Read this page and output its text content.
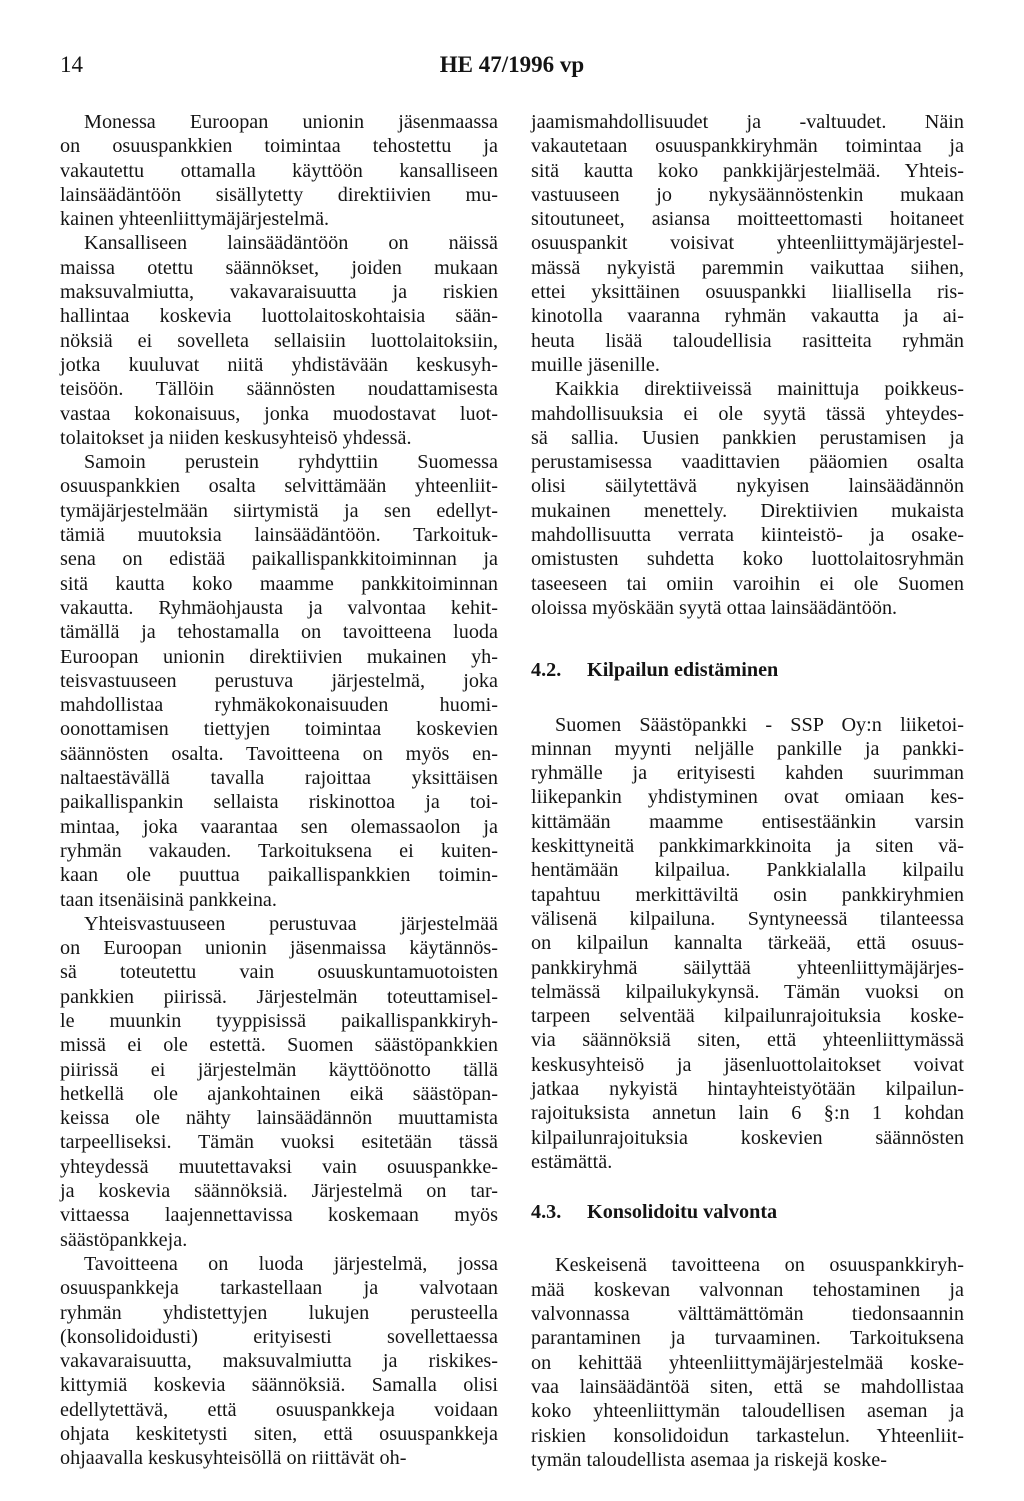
14	HE 47/1996 vp
Monessa Euroopan unionin jäsenmaassa
on osuuspankkien toimintaa tehostettu ja
vakautettu ottamalla käyttöön kansalliseen
lainsäädäntöön sisällytetty direktiivien mu-
kainen yhteenliittymäjärjestelmä.
Kansalliseen lainsäädäntöön on näissä
maissa otettu säännökset, joiden mukaan
maksuvalmiutta, vakavaraisuutta ja riskien
hallintaa koskevia luottolaitoskohtaisia sään-
nöksiä ei sovelleta sellaisiin luottolaitoksiin,
jotka kuuluvat niitä yhdistävään keskusyh-
teisöön. Tällöin säännösten noudattamisesta
vastaa kokonaisuus, jonka muodostavat luot-
tolaitokset ja niiden keskusyhteisö yhdessä.
Samoin perustein ryhdyttiin Suomessa
osuuspankkien osalta selvittämään yhteenliit-
tymäjärjestelmään siirtymistä ja sen edellyt-
tämiä muutoksia lainsäädäntöön. Tarkoituk-
sena on edistää paikallispankkitoiminnan ja
sitä kautta koko maamme pankkitoiminnan
vakautta. Ryhmäohjausta ja valvontaa kehit-
tämällä ja tehostamalla on tavoitteena luoda
Euroopan unionin direktiivien mukainen yh-
teisvastuuseen perustuva järjestelmä, joka
mahdollistaa ryhmäkokonaisuuden huomi-
oonottamisen tiettyjen toimintaa koskevien
säännösten osalta. Tavoitteena on myös en-
naltaestävällä tavalla rajoittaa yksittäisen
paikallispankin sellaista riskinottoa ja toi-
mintaa, joka vaarantaa sen olemassaolon ja
ryhmän vakauden. Tarkoituksena ei kuiten-
kaan ole puuttua paikallispankkien toimin-
taan itsenäisinä pankkeina.
Yhteisvastuuseen perustuvaa järjestelmää
on Euroopan unionin jäsenmaissa käytännös-
sä toteutettu vain osuuskuntamuotoisten
pankkien piirissä. Järjestelmän toteuttamisel-
le muunkin tyyppisissä paikallispankkiryh-
missä ei ole estettä. Suomen säästöpankkien
piirissä ei järjestelmän käyttöönotto tällä
hetkellä ole ajankohtainen eikä säästöpan-
keissa ole nähty lainsäädännön muuttamista
tarpeelliseksi. Tämän vuoksi esitetään tässä
yhteydessä muutettavaksi vain osuuspankke-
ja koskevia säännöksiä. Järjestelmä on tar-
vittaessa laajennettavissa koskemaan myös
säästöpankkeja.
Tavoitteena on luoda järjestelmä, jossa
osuuspankkeja tarkastellaan ja valvotaan
ryhmän yhdistettyjen lukujen perusteella
(konsolidoidusti) erityisesti sovellettaessa
vakavaraisuutta, maksuvalmiutta ja riskikes-
kittymiä koskevia säännöksiä. Samalla olisi
edellytettävä, että osuuspankkeja voidaan
ohjata keskitetysti siten, että osuuspankkeja
ohjaavalla keskusyhteisöllä on riittävät oh-
jaamismahdollisuudet ja -valtuudet. Näin
vakautetaan osuuspankkiryhmän toimintaa ja
sitä kautta koko pankkijärjestelmää. Yhteis-
vastuuseen jo nykysäännöstenkin mukaan
sitoutuneet, asiansa moitteettomasti hoitaneet
osuuspankit voisivat yhteenliittymäjärjestel-
mässä nykyistä paremmin vaikuttaa siihen,
ettei yksittäinen osuuspankki liiallisella ris-
kinotolla vaaranna ryhmän vakautta ja ai-
heuta lisää taloudellisia rasitteita ryhmän
muille jäsenille.
Kaikkia direktiiveissä mainittuja poikkeus-
mahdollisuuksia ei ole syytä tässä yhteydes-
sä sallia. Uusien pankkien perustamisen ja
perustamisessa vaadittavien pääomien osalta
olisi säilytettävä nykyisen lainsäädännön
mukainen menettely. Direktiivien mukaista
mahdollisuutta verrata kiinteistö- ja osake-
omistusten suhdetta koko luottolaitosryhmän
taseeseen tai omiin varoihin ei ole Suomen
oloissa myöskään syytä ottaa lainsäädäntöön.
4.2. Kilpailun edistäminen
Suomen Säästöpankki - SSP Oy:n liiketoi-
minnan myynti neljälle pankille ja pankki-
ryhmälle ja erityisesti kahden suurimman
liikepankin yhdistyminen ovat omiaan kes-
kittämään maamme entisestäänkin varsin
keskittyneitä pankkimarkkinoita ja siten vä-
hentämään kilpailua. Pankkialalla kilpailu
tapahtuu merkittäviltä osin pankkiryhmien
välisenä kilpailuna. Syntyneessä tilanteessa
on kilpailun kannalta tärkeää, että osuus-
pankkiryhmä säilyttää yhteenliittymäjärjes-
telmässä kilpailukykynsä. Tämän vuoksi on
tarpeen selventää kilpailunrajoituksia koske-
via säännöksiä siten, että yhteenliittymässä
keskusyhteisö ja jäsenluottolaitokset voivat
jatkaa nykyistä hintayhteistyötään kilpailun-
rajoituksista annetun lain 6 §:n 1 kohdan
kilpailunrajoituksia koskevien säännösten
estämättä.
4.3. Konsolidoitu valvonta
Keskeisenä tavoitteena on osuuspankkiryh-
mää koskevan valvonnan tehostaminen ja
valvonnassa välttämättömän tiedonsaannin
parantaminen ja turvaaminen. Tarkoituksena
on kehittää yhteenliittymäjärjestelmää koske-
vaa lainsäädäntöä siten, että se mahdollistaa
koko yhteenliittymän taloudellisen aseman ja
riskien konsolidoidun tarkastelun. Yhteenliit-
tymän taloudellista asemaa ja riskejä koske-
